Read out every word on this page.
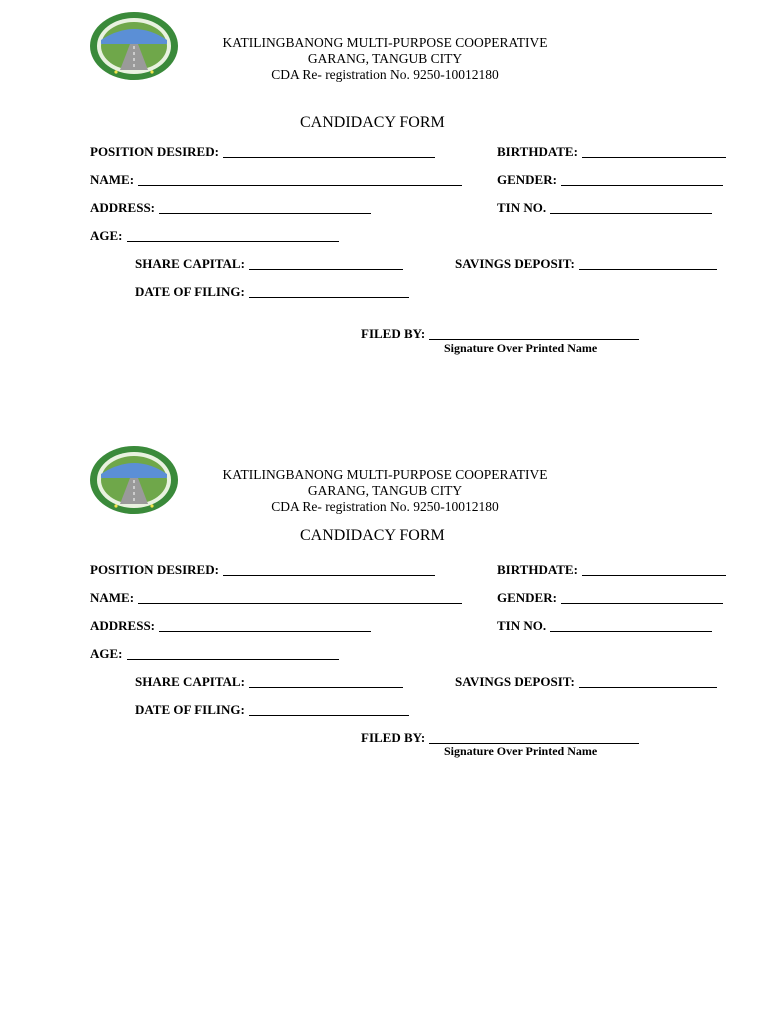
KATILINGBANONG MULTI-PURPOSE COOPERATIVE
GARANG, TANGUB CITY
CDA Re- registration No. 9250-10012180
CANDIDACY FORM
POSITION DESIRED:	BIRTHDATE:
NAME:	GENDER:
ADDRESS:	TIN NO.
AGE:
SHARE CAPITAL:	SAVINGS DEPOSIT:
DATE OF FILING:
FILED BY:
Signature Over Printed Name
KATILINGBANONG MULTI-PURPOSE COOPERATIVE
GARANG, TANGUB CITY
CDA Re- registration No. 9250-10012180
CANDIDACY FORM
POSITION DESIRED:	BIRTHDATE:
NAME:	GENDER:
ADDRESS:	TIN NO.
AGE:
SHARE CAPITAL:	SAVINGS DEPOSIT:
DATE OF FILING:
FILED BY:
Signature Over Printed Name
